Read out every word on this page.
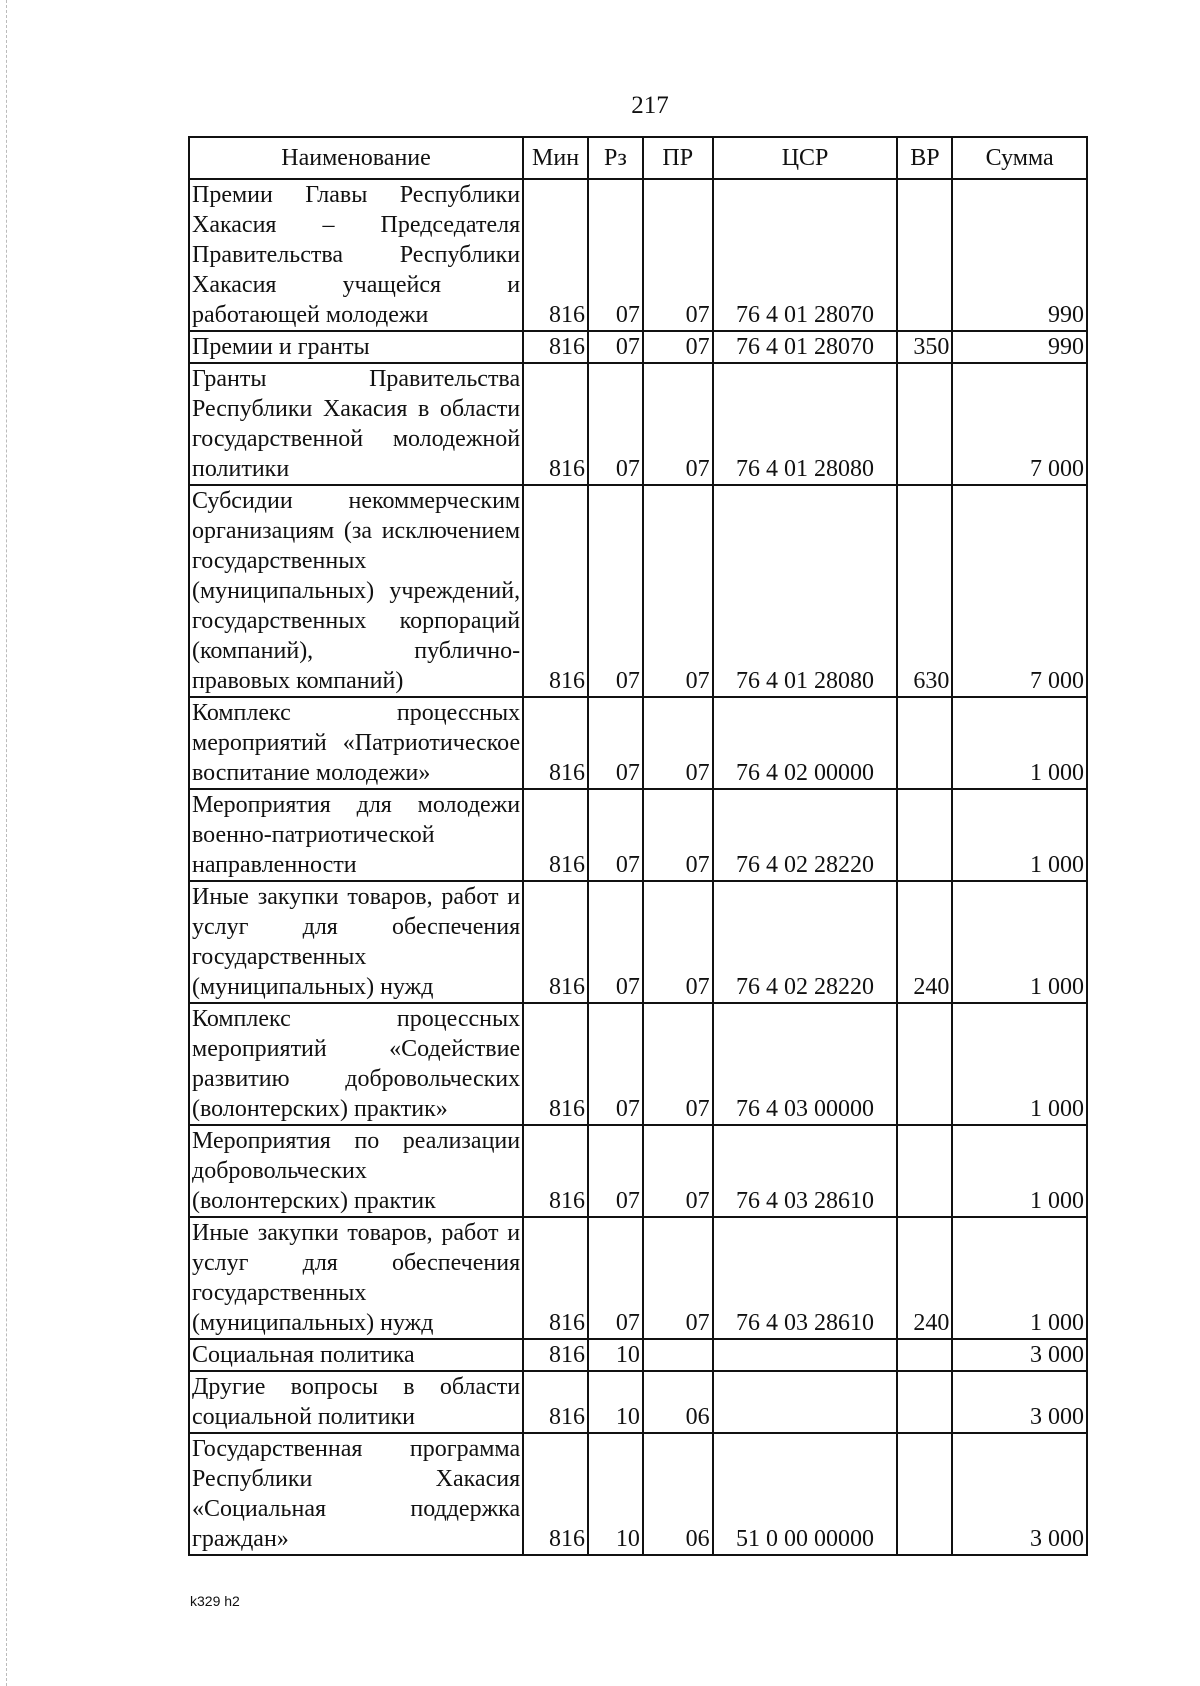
217
Наименование	Мин	Рз	ПР	ЦСР	ВР	Сумма
Премии Главы Республики Хакасия – Председателя Правительства Республики Хакасия учащейся и работающей молодежи	816	07	07	76 4 01 28070		990
Премии и гранты	816	07	07	76 4 01 28070	350	990
Гранты Правительства Республики Хакасия в области государственной молодежной политики	816	07	07	76 4 01 28080		7 000
Субсидии некоммерческим организациям (за исключением государственных (муниципальных) учреждений, государственных корпораций (компаний), публично-правовых компаний)	816	07	07	76 4 01 28080	630	7 000
Комплекс процессных мероприятий «Патриотическое воспитание молодежи»	816	07	07	76 4 02 00000		1 000
Мероприятия для молодежи военно-патриотической направленности	816	07	07	76 4 02 28220		1 000
Иные закупки товаров, работ и услуг для обеспечения государственных (муниципальных) нужд	816	07	07	76 4 02 28220	240	1 000
Комплекс процессных мероприятий «Содействие развитию добровольческих (волонтерских) практик»	816	07	07	76 4 03 00000		1 000
Мероприятия по реализации добровольческих (волонтерских) практик	816	07	07	76 4 03 28610		1 000
Иные закупки товаров, работ и услуг для обеспечения государственных (муниципальных) нужд	816	07	07	76 4 03 28610	240	1 000
Социальная политика	816	10				3 000
Другие вопросы в области социальной политики	816	10	06			3 000
Государственная программа Республики Хакасия «Социальная поддержка граждан»	816	10	06	51 0 00 00000		3 000
k329 h2
